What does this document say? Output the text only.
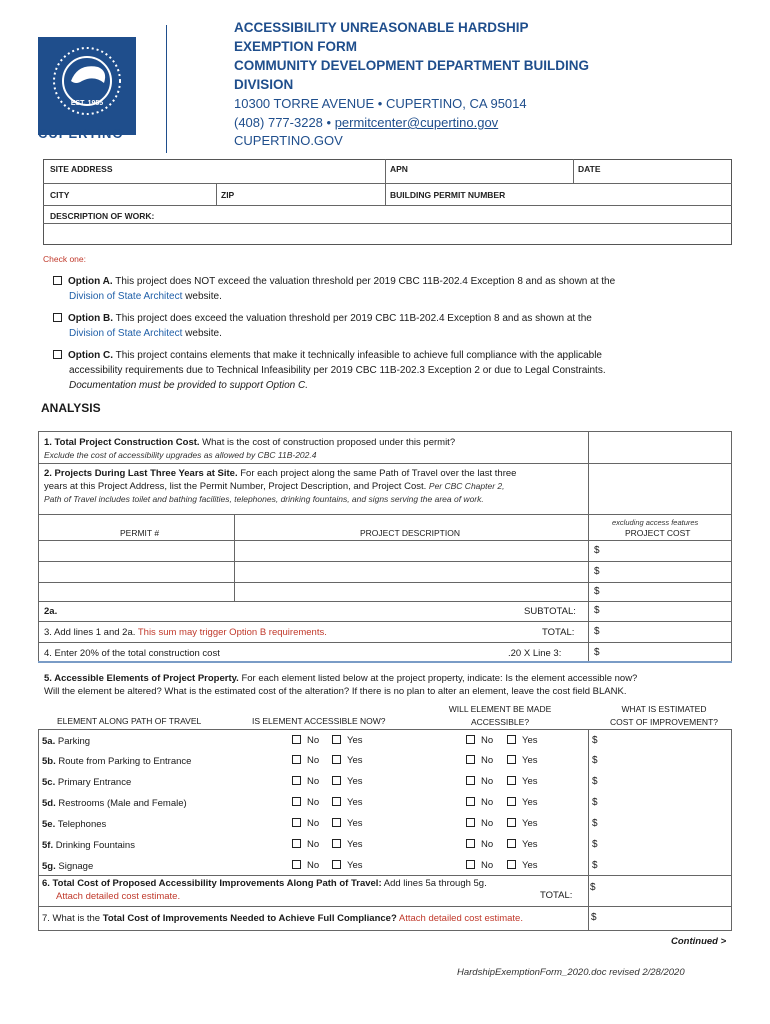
EST. 1955
CUPERTINO
ACCESSIBILITY UNREASONABLE HARDSHIP
EXEMPTION FORM
COMMUNITY DEVELOPMENT DEPARTMENT BUILDING
DIVISION
10300 TORRE AVENUE • CUPERTINO, CA 95014
(408) 777-3228 • permitcenter@cupertino.gov
CUPERTINO.GOV
SITE ADDRESS	APN	DATE
CITY	ZIP	BUILDING PERMIT NUMBER
DESCRIPTION OF WORK:
Check one:
Option A. This project does NOT exceed the valuation threshold per 2019 CBC 11B-202.4 Exception 8 and as shown at the
Division of State Architect website.
Option B. This project does exceed the valuation threshold per 2019 CBC 11B-202.4 Exception 8 and as shown at the
Division of State Architect website.
Option C. This project contains elements that make it technically infeasible to achieve full compliance with the applicable
accessibility requirements due to Technical Infeasibility per 2019 CBC 11B-202.3 Exception 2 or due to Legal Constraints.
Documentation must be provided to support Option C.
ANALYSIS
1. Total Project Construction Cost. What is the cost of construction proposed under this permit?
Exclude the cost of accessibility upgrades as allowed by CBC 11B-202.4
2. Projects During Last Three Years at Site. For each project along the same Path of Travel over the last three
years at this Project Address, list the Permit Number, Project Description, and Project Cost. Per CBC Chapter 2,
Path of Travel includes toilet and bathing facilities, telephones, drinking fountains, and signs serving the area of work.
PERMIT #	PROJECT DESCRIPTION
excluding access features
PROJECT COST
$
$
$
2a.	SUBTOTAL: $
3. Add lines 1 and 2a. This sum may trigger Option B requirements.	TOTAL: $
4. Enter 20% of the total construction cost	.20 X Line 3:	$
5. Accessible Elements of Project Property. For each element listed below at the project property, indicate: Is the element accessible now?
Will the element be altered? What is the estimated cost of the alteration? If there is no plan to alter an element, leave the cost field BLANK.
ELEMENT ALONG PATH OF TRAVEL	IS ELEMENT ACCESSIBLE NOW?
WILL ELEMENT BE MADE
ACCESSIBLE?
WHAT IS ESTIMATED
COST OF IMPROVEMENT?
5a. Parking	No	Yes	No	Yes	$
5b. Route from Parking to Entrance	No	Yes	No	Yes	$
5c. Primary Entrance	No	Yes	No	Yes	$
5d. Restrooms (Male and Female)	No	Yes	No	Yes	$
5e. Telephones	No	Yes	No	Yes	$
5f. Drinking Fountains	No	Yes	No	Yes	$
5g. Signage	No	Yes	No	Yes	$
6. Total Cost of Proposed Accessibility Improvements Along Path of Travel: Add lines 5a through 5g.
Attach detailed cost estimate.	TOTAL:
$
7. What is the Total Cost of Improvements Needed to Achieve Full Compliance? Attach detailed cost estimate.	$
Continued >
HardshipExemptionForm_2020.doc revised 2/28/2020
